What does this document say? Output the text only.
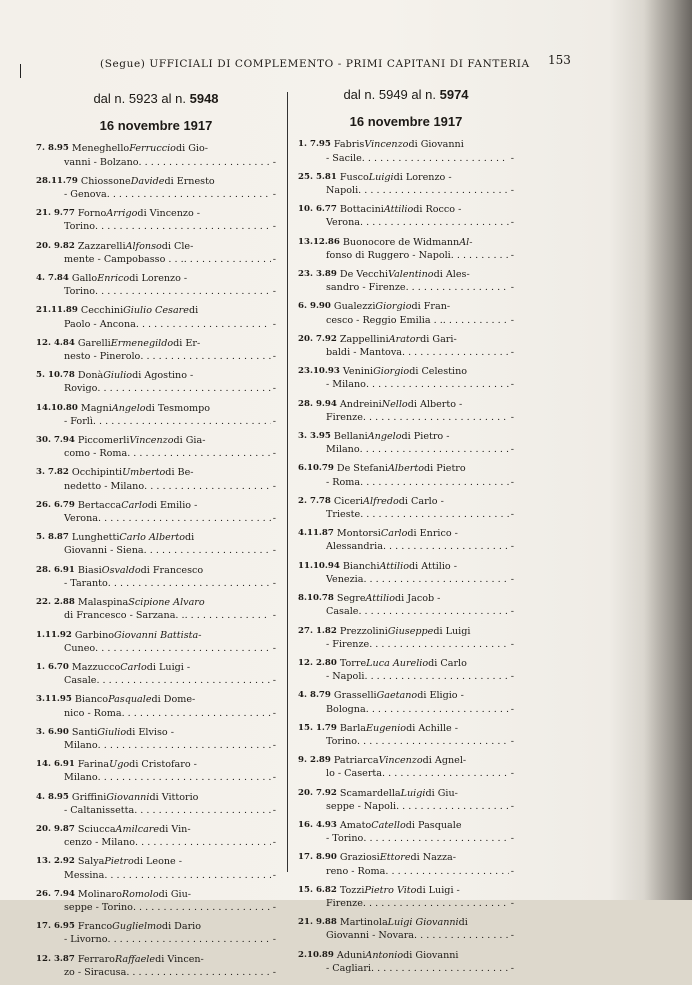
(Segue) UFFICIALI DI COMPLEMENTO - PRIMI CAPITANI DI FANTERIA 153
dal n. 5923 al n. 5948
16 novembre 1917
7. 8.95 Meneghello Ferruccio di Gio-
vanni - Bolzano . . .	-
28.11.79 Chiossone Davide di Ernesto
- Genova . . .	-
21. 9.77 Forno Arrigo di Vincenzo -
Torino . . .	-
20. 9.82 Zazzarelli Alfonso di Cle-
mente - Campobasso . . . . . .	-
4. 7.84 Gallo Enrico di Lorenzo -
Torino . . .	-
21.11.89 Cecchini Giulio Cesare di
Paolo - Ancona . . .	-
12. 4.84 Garelli Ermenegildo di Er-
nesto - Pinerolo . . .	-
5. 10.78 Donà Giulio di Agostino -
Rovigo . . .	-
14.10.80 Magni Angelo di Tesmompo
- Forlì . . .	-
30. 7.94 Piccomerli Vincenzo di Gia-
como - Roma . . .	-
3. 7.82 Occhipinti Umberto di Be-
nedetto - Milano . . .	-
26. 6.79 Bertacca Carlo di Emilio -
Verona . . .	-
5. 8.87 Lunghetti Carlo Alberto di
Giovanni - Siena . . .	-
28. 6.91 Biasi Osvaldo di Francesco
- Taranto . . .	-
22. 2.88 Malaspina Scipione Alvaro
di Francesco - Sarzana. . . . .	-
1.11.92 Garbino Giovanni Battista -
Cuneo . . .	-
1. 6.70 Mazzucco Carlo di Luigi -
Casale . . .	-
3.11.95 Bianco Pasquale di Dome-
nico - Roma . . .	-
3. 6.90 Santi Giulio di Elviso -
Milano . . .	-
14. 6.91 Farina Ugo di Cristofaro -
Milano . . .	-
4. 8.95 Griffini Giovanni di Vittorio
- Caltanissetta . . .	-
20. 9.87 Sciucca Amilcare di Vin-
cenzo - Milano . . .	-
13. 2.92 Salya Pietro di Leone -
Messina . . .	-
26. 7.94 Molinaro Romolo di Giu-
seppe - Torino . . .	-
17. 6.95 Franco Guglielmo di Dario
- Livorno . . .	-
12. 3.87 Ferraro Raffaele di Vincen-
zo - Siracusa . . .	-
dal n. 5949 al n. 5974
16 novembre 1917
1. 7.95 Fabris Vincenzo di Giovanni
- Sacile . . .	-
25. 5.81 Fusco Luigi di Lorenzo -
Napoli . . .	-
10. 6.77 Bottacini Attilio di Rocco -
Verona . . .	-
13.12.86 Buonocore de Widmann Al-
fonso di Ruggero - Napoli . . .	-
23. 3.89 De Vecchi Valentino di Ales-
sandro - Firenze . . .	-
6. 9.90 Gualezzi Giorgio di Fran-
cesco - Reggio Emilia . . . . .	-
20. 7.92 Zappellini Arator di Gari-
baldi - Mantova . . .	-
23.10.93 Venini Giorgio di Celestino
- Milano . . .	-
28. 9.94 Andreini Nello di Alberto -
Firenze . . .	-
3. 3.95 Bellani Angelo di Pietro -
Milano . . .	-
6.10.79 De Stefani Alberto di Pietro
- Roma . . .	-
2. 7.78 Ciceri Alfredo di Carlo -
Trieste . . .	-
4.11.87 Montorsi Carlo di Enrico -
Alessandria . . .	-
11.10.94 Bianchi Attilio di Attilio -
Venezia . . .	-
8.10.78 Segre Attilio di Jacob -
Casale . . .	-
27. 1.82 Prezzolini Giuseppe di Luigi
- Firenze . . .	-
12. 2.80 Torre Luca Aurelio di Carlo
- Napoli . . .	-
4. 8.79 Grasselli Gaetano di Eligio -
Bologna . . .	-
15. 1.79 Barla Eugenio di Achille -
Torino . . .	-
9. 2.89 Patriarca Vincenzo di Agnel-
lo - Caserta . . .	-
20. 7.92 Scamardella Luigi di Giu-
seppe - Napoli . . .	-
16. 4.93 Amato Catello di Pasquale
- Torino . . .	-
17. 8.90 Graziosi Ettore di Nazza-
reno - Roma . . .	-
15. 6.82 Tozzi Pietro Vito di Luigi -
Firenze . . .	-
21. 9.88 Martinola Luigi Giovanni di
Giovanni - Novara . . .	-
2.10.89 Aduni Antonio di Giovanni
- Cagliari . . .	-
